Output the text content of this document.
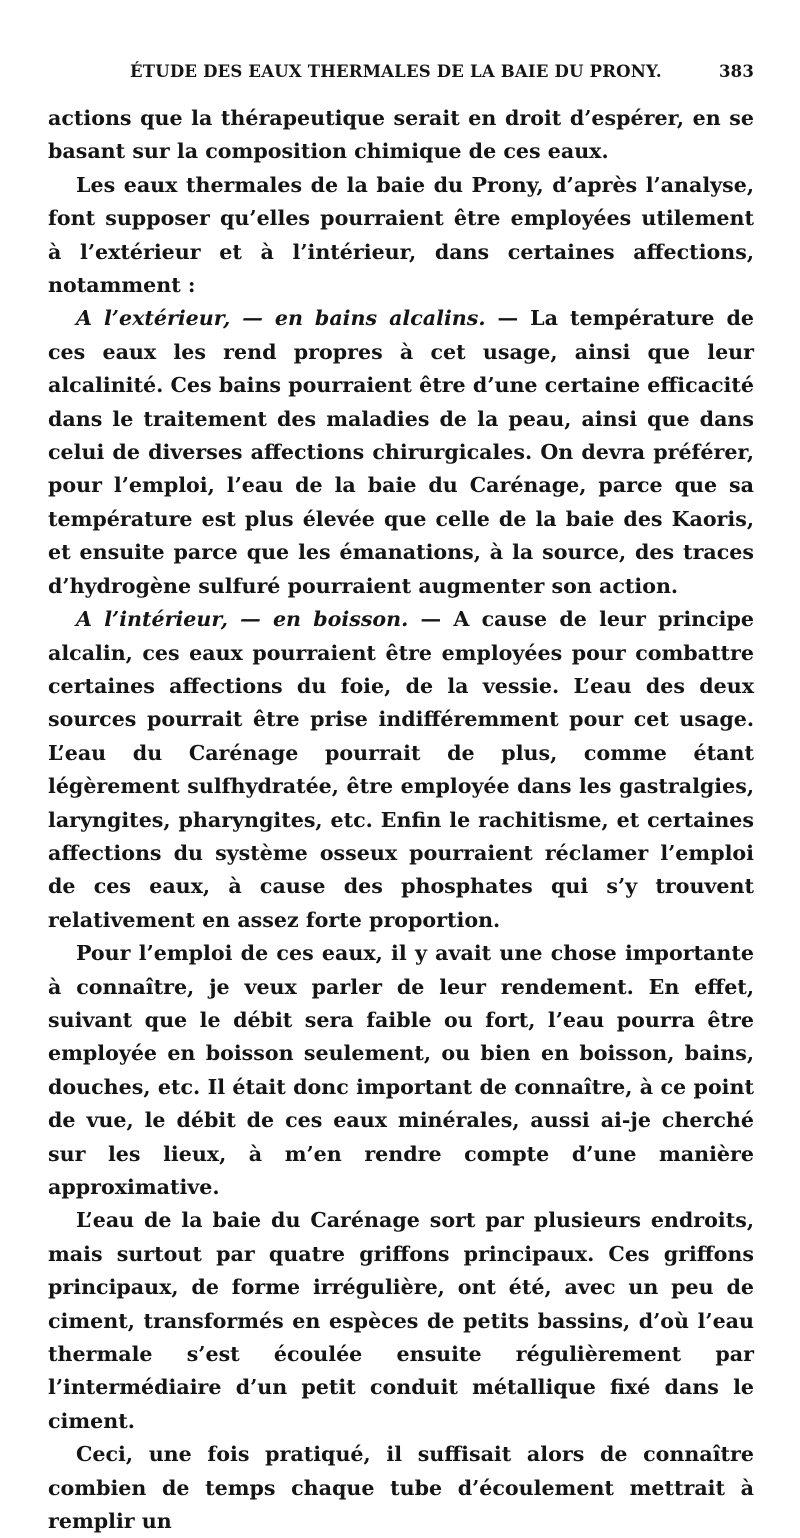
ÉTUDE DES EAUX THERMALES DE LA BAIE DU PRONY.	383

actions que la thérapeutique serait en droit d’espérer, en se basant sur la composition chimique de ces eaux.

Les eaux thermales de la baie du Prony, d’après l’analyse, font supposer qu’elles pourraient être employées utilement à l’extérieur et à l’intérieur, dans certaines affections, notamment :

A l’extérieur, — en bains alcalins. — La température de ces eaux les rend propres à cet usage, ainsi que leur alcalinité. Ces bains pourraient être d’une certaine efficacité dans le traitement des maladies de la peau, ainsi que dans celui de diverses affections chirurgicales. On devra préférer, pour l’emploi, l’eau de la baie du Carénage, parce que sa température est plus élevée que celle de la baie des Kaoris, et ensuite parce que les émanations, à la source, des traces d’hydrogène sulfuré pourraient augmenter son action.

A l’intérieur, — en boisson. — A cause de leur principe alcalin, ces eaux pourraient être employées pour combattre certaines affections du foie, de la vessie. L’eau des deux sources pourrait être prise indifféremment pour cet usage. L’eau du Carénage pourrait de plus, comme étant légèrement sulfhydratée, être employée dans les gastralgies, laryngites, pharyngites, etc. Enfin le rachitisme, et certaines affections du système osseux pourraient réclamer l’emploi de ces eaux, à cause des phosphates qui s’y trouvent relativement en assez forte proportion.

Pour l’emploi de ces eaux, il y avait une chose importante à connaître, je veux parler de leur rendement. En effet, suivant que le débit sera faible ou fort, l’eau pourra être employée en boisson seulement, ou bien en boisson, bains, douches, etc. Il était donc important de connaître, à ce point de vue, le débit de ces eaux minérales, aussi ai-je cherché sur les lieux, à m’en rendre compte d’une manière approximative.

L’eau de la baie du Carénage sort par plusieurs endroits, mais surtout par quatre griffons principaux. Ces griffons principaux, de forme irrégulière, ont été, avec un peu de ciment, transformés en espèces de petits bassins, d’où l’eau thermale s’est écoulée ensuite régulièrement par l’intermédiaire d’un petit conduit métallique fixé dans le ciment.

Ceci, une fois pratiqué, il suffisait alors de connaître combien de temps chaque tube d’écoulement mettrait à remplir un
